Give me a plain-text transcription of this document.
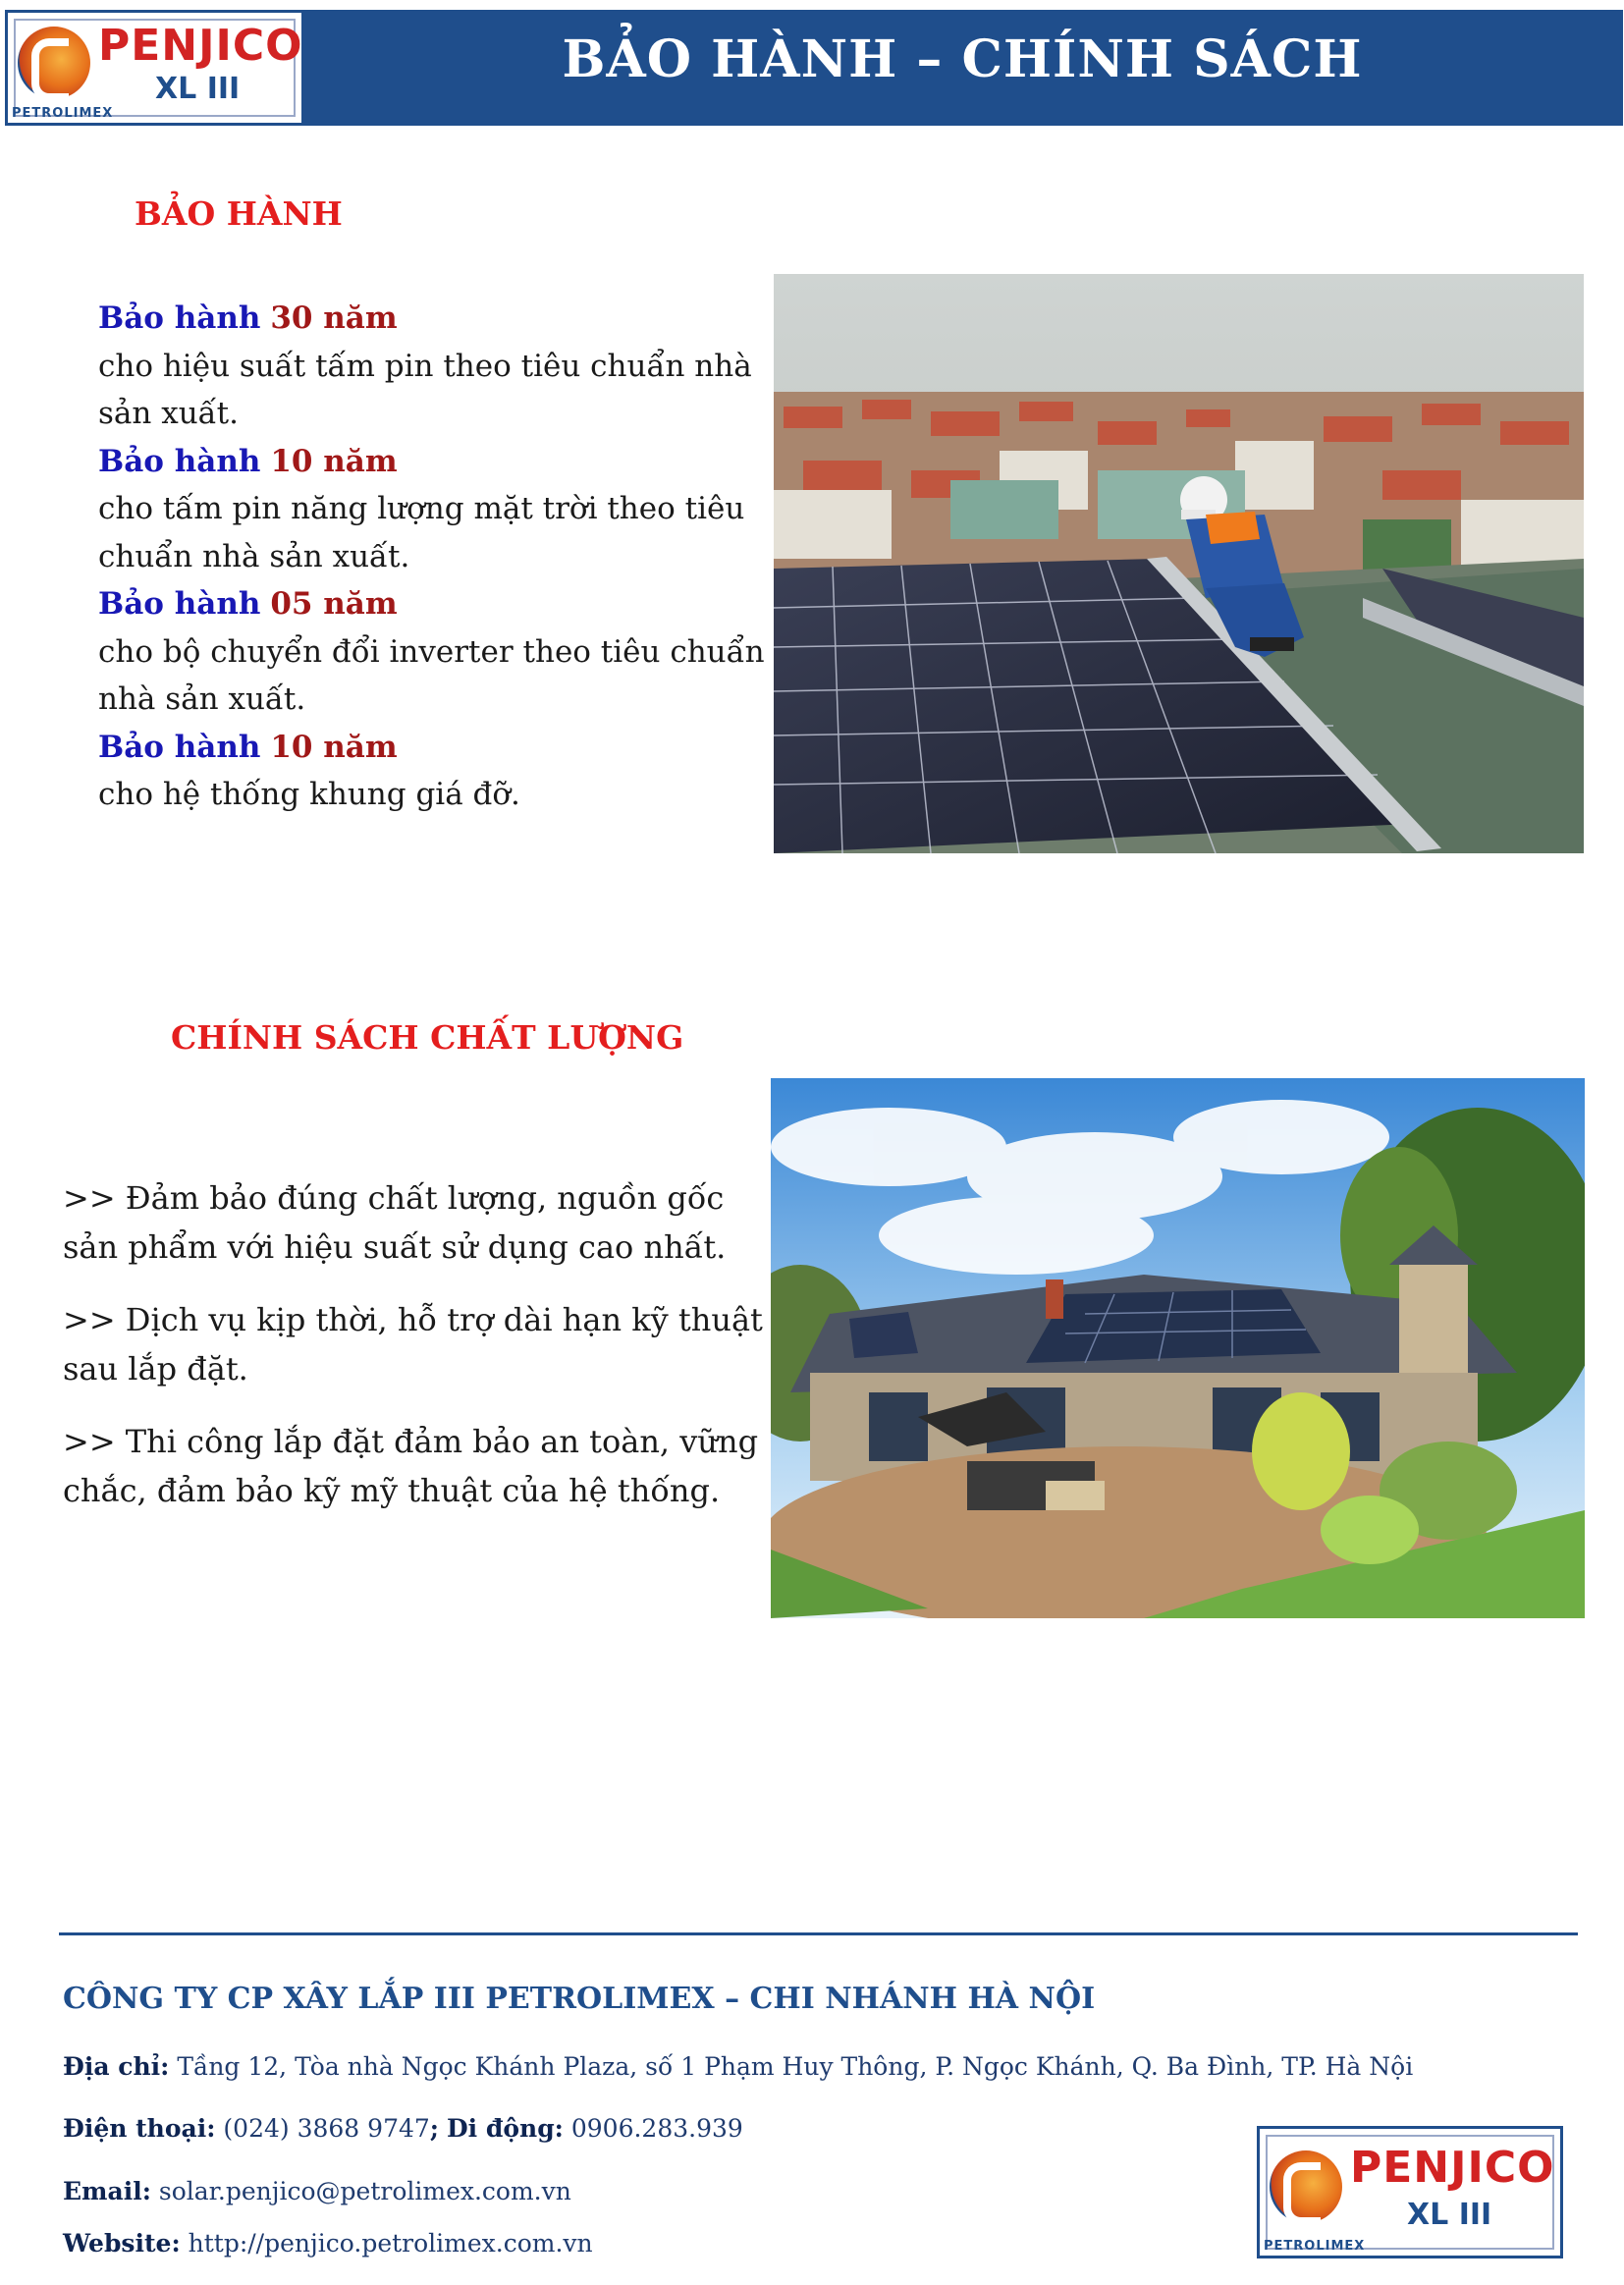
PENJICO
XL III
PETROLIMEX
BẢO HÀNH – CHÍNH SÁCH
BẢO HÀNH
Bảo hành 30 năm
cho hiệu suất tấm pin theo tiêu chuẩn nhà sản xuất.
Bảo hành 10 năm
cho tấm pin năng lượng mặt trời theo tiêu chuẩn nhà sản xuất.
Bảo hành 05 năm
cho bộ chuyển đổi inverter theo tiêu chuẩn nhà sản xuất.
Bảo hành 10 năm
cho hệ thống khung giá đỡ.
CHÍNH SÁCH CHẤT LƯỢNG

>> Đảm bảo đúng chất lượng, nguồn gốc sản phẩm với hiệu suất sử dụng cao nhất.

>> Dịch vụ kịp thời, hỗ trợ dài hạn kỹ thuật sau lắp đặt.

>> Thi công lắp đặt đảm bảo an toàn, vững chắc, đảm bảo kỹ mỹ thuật của hệ thống.

CÔNG TY CP XÂY LẮP III PETROLIMEX – CHI NHÁNH HÀ NỘI
Địa chỉ: Tầng 12, Tòa nhà Ngọc Khánh Plaza, số 1 Phạm Huy Thông, P. Ngọc Khánh, Q. Ba Đình, TP. Hà Nội
Điện thoại: (024) 3868 9747; Di động: 0906.283.939
Email: solar.penjico@petrolimex.com.vn
Website: http://penjico.petrolimex.com.vn
PENJICO
XL III
PETROLIMEX
